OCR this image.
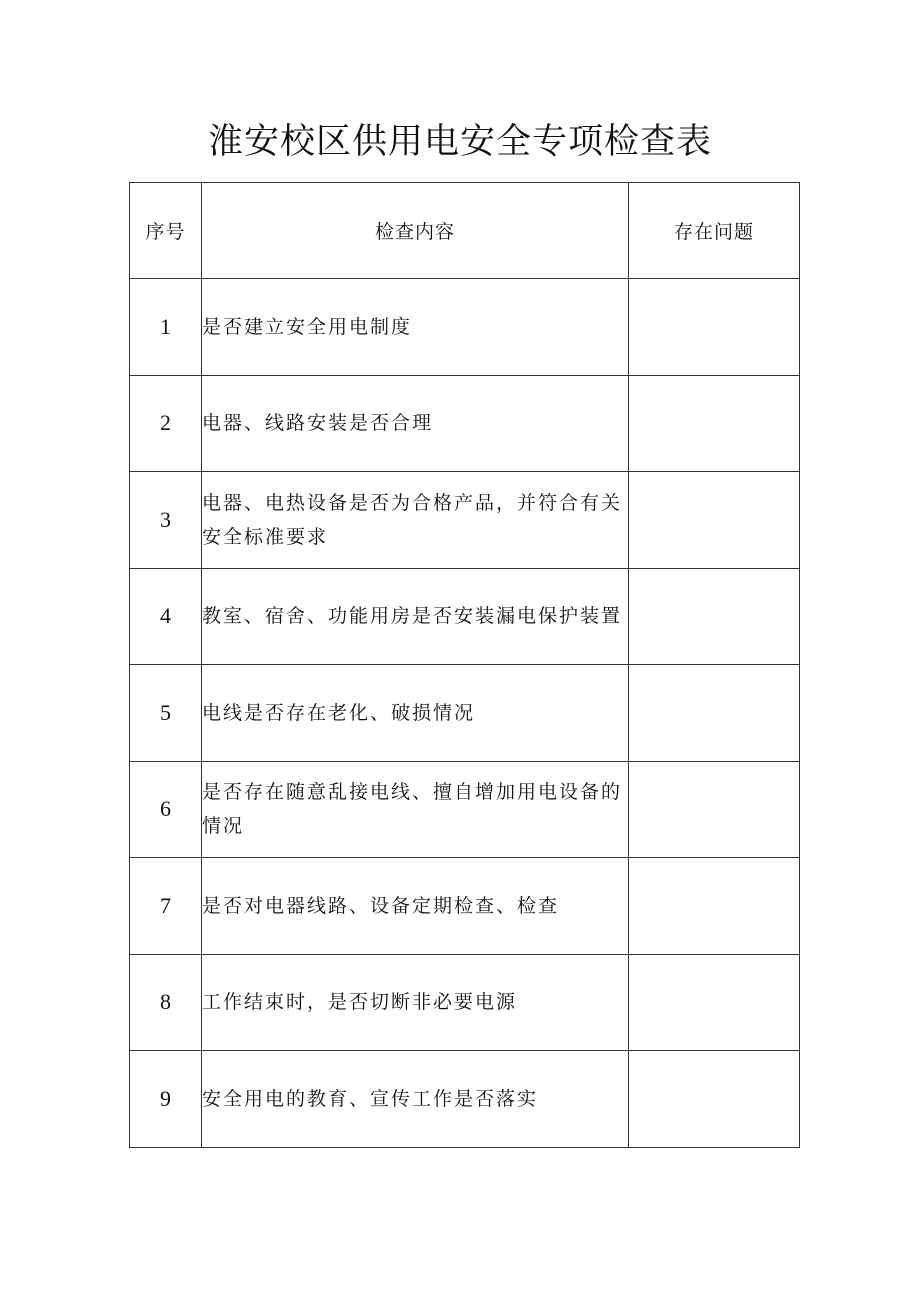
淮安校区供用电安全专项检查表
序号	检查内容	存在问题
1	是否建立安全用电制度	
2	电器、线路安装是否合理	
3	电器、电热设备是否为合格产品，并符合有关安全标准要求	
4	教室、宿舍、功能用房是否安装漏电保护装置	
5	电线是否存在老化、破损情况	
6	是否存在随意乱接电线、擅自增加用电设备的情况	
7	是否对电器线路、设备定期检查、检查	
8	工作结束时，是否切断非必要电源	
9	安全用电的教育、宣传工作是否落实	
